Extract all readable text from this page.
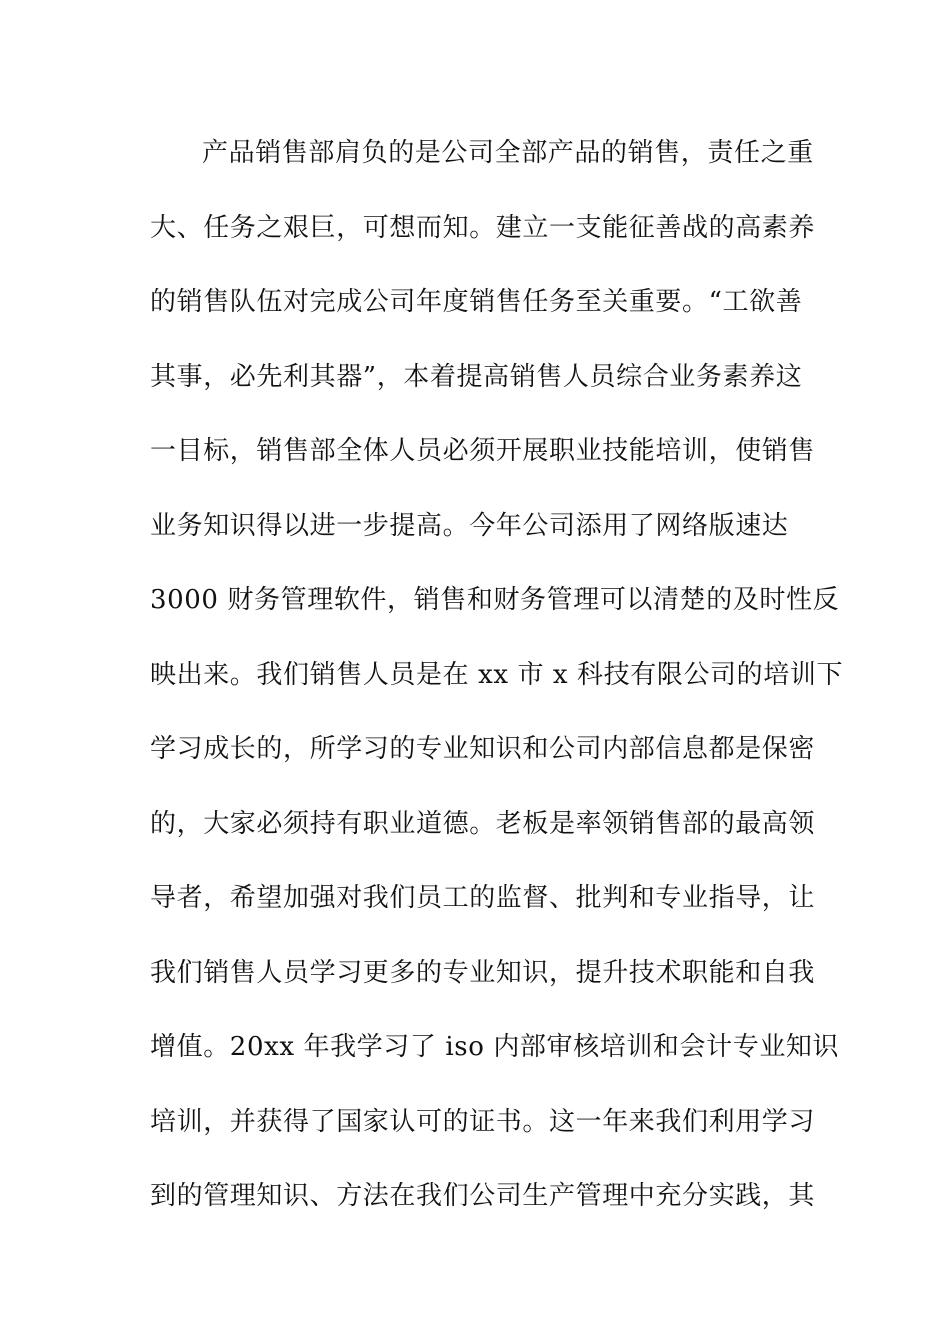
产品销售部肩负的是公司全部产品的销售，责任之重
大、任务之艰巨，可想而知。建立一支能征善战的高素养
的销售队伍对完成公司年度销售任务至关重要。“工欲善
其事，必先利其器”，本着提高销售人员综合业务素养这
一目标，销售部全体人员必须开展职业技能培训，使销售
业务知识得以进一步提高。今年公司添用了网络版速达
3000 财务管理软件，销售和财务管理可以清楚的及时性反
映出来。我们销售人员是在 xx 市 x 科技有限公司的培训下
学习成长的，所学习的专业知识和公司内部信息都是保密
的，大家必须持有职业道德。老板是率领销售部的最高领
导者，希望加强对我们员工的监督、批判和专业指导，让
我们销售人员学习更多的专业知识，提升技术职能和自我
增值。20xx 年我学习了 iso 内部审核培训和会计专业知识
培训，并获得了国家认可的证书。这一年来我们利用学习
到的管理知识、方法在我们公司生产管理中充分实践，其
